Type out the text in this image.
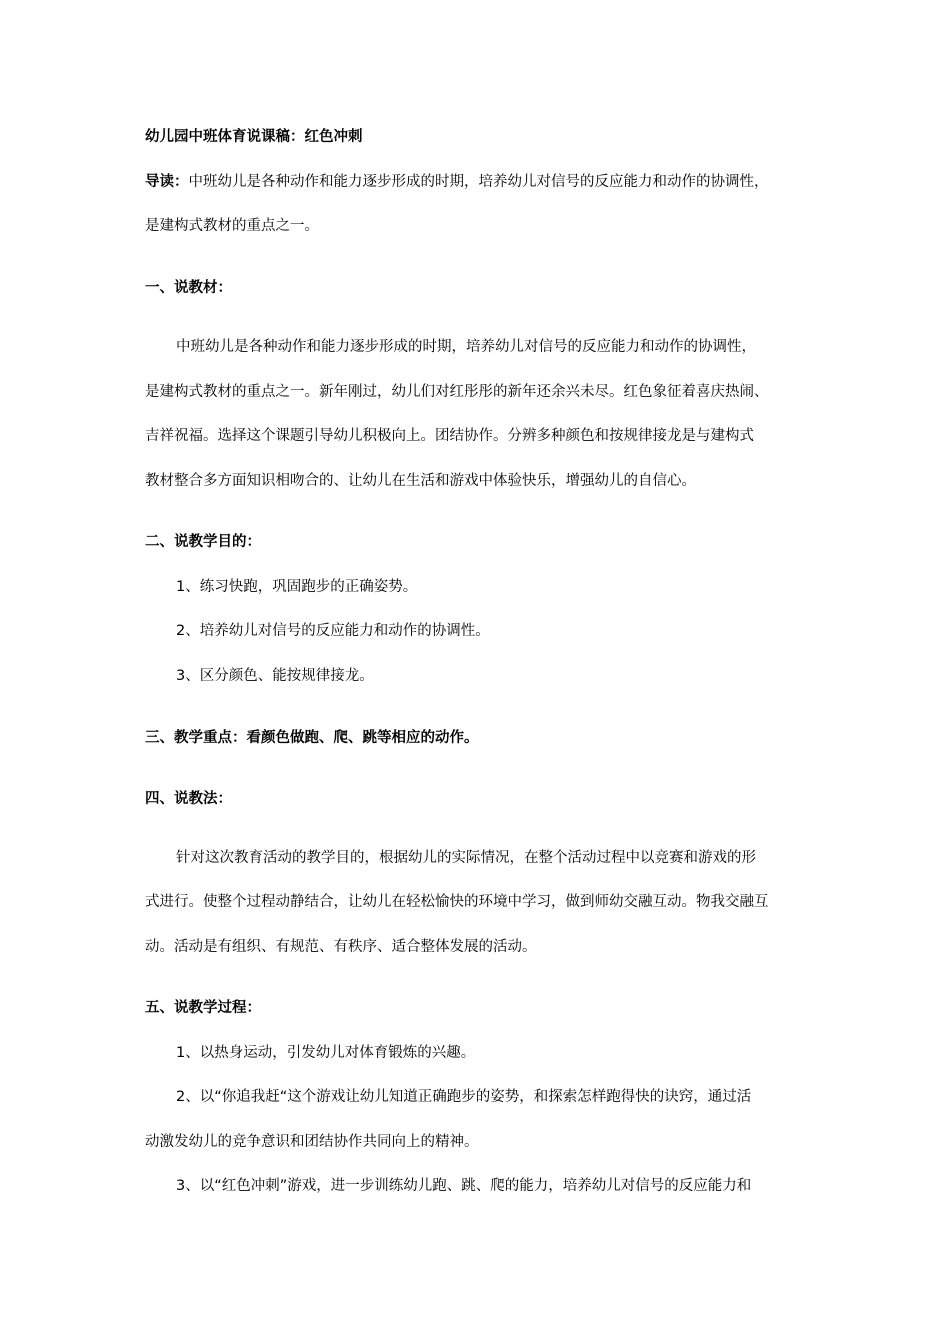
幼儿园中班体育说课稿：红色冲刺
导读：中班幼儿是各种动作和能力逐步形成的时期，培养幼儿对信号的反应能力和动作的协调性，
是建构式教材的重点之一。
一、说教材：
中班幼儿是各种动作和能力逐步形成的时期，培养幼儿对信号的反应能力和动作的协调性，
是建构式教材的重点之一。新年刚过，幼儿们对红彤彤的新年还余兴未尽。红色象征着喜庆热闹、
吉祥祝福。选择这个课题引导幼儿积极向上。团结协作。分辨多种颜色和按规律接龙是与建构式
教材整合多方面知识相吻合的、让幼儿在生活和游戏中体验快乐，增强幼儿的自信心。
二、说教学目的：
1、练习快跑，巩固跑步的正确姿势。
2、培养幼儿对信号的反应能力和动作的协调性。
3、区分颜色、能按规律接龙。
三、教学重点：看颜色做跑、爬、跳等相应的动作。
四、说教法：
针对这次教育活动的教学目的，根据幼儿的实际情况，在整个活动过程中以竞赛和游戏的形
式进行。使整个过程动静结合，让幼儿在轻松愉快的环境中学习，做到师幼交融互动。物我交融互
动。活动是有组织、有规范、有秩序、适合整体发展的活动。
五、说教学过程：
1、以热身运动，引发幼儿对体育锻炼的兴趣。
2、以“你追我赶“这个游戏让幼儿知道正确跑步的姿势，和探索怎样跑得快的诀窍，通过活
动激发幼儿的竞争意识和团结协作共同向上的精神。
3、以“红色冲刺”游戏，进一步训练幼儿跑、跳、爬的能力，培养幼儿对信号的反应能力和
